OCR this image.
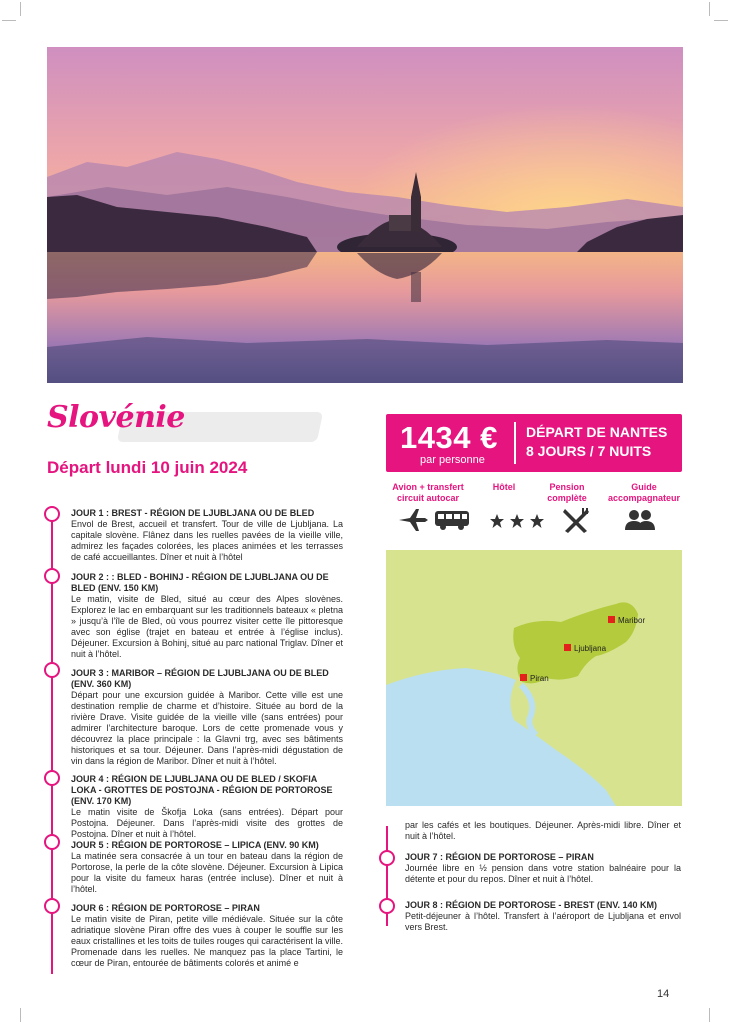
Slovénie
Départ lundi 10 juin 2024
1434 €
par personne
DÉPART DE NANTES
8 JOURS / 7 NUITS
Avion + transfert
circuit autocar
Hôtel	Pension
complète
Guide
accompagnateur
Maribor
Ljubljana
Piran
JOUR 1 : BREST - RÉGION DE LJUBLJANA OU DE BLED
Envol de Brest, accueil et transfert. Tour de ville de Ljubljana. La capitale slovène. Flânez dans les ruelles pavées de la vieille ville, admirez les façades colorées, les places animées et les terrasses de café accueillantes. Dîner et nuit à l’hôtel
JOUR 2 : : BLED - BOHINJ - RÉGION DE LJUBLJANA OU DE BLED (ENV. 150 KM)
Le matin, visite de Bled, situé au cœur des Alpes slovènes. Explorez le lac en embarquant sur les traditionnels bateaux « pletna » jusqu’à l’île de Bled, où vous pourrez visiter cette île pittoresque avec son église (trajet en bateau et entrée à l’église inclus). Déjeuner. Excursion à Bohinj, situé au parc national Triglav. Dîner et nuit à l’hôtel.
JOUR 3 : MARIBOR – RÉGION DE LJUBLJANA OU DE BLED (ENV. 360 KM)
Départ pour une excursion guidée à Maribor. Cette ville est une destination remplie de charme et d’histoire. Située au bord de la rivière Drave. Visite guidée de la vieille ville (sans entrées) pour admirer l’architecture baroque. Lors de cette promenade vous y découvrez la place principale : la Glavni trg, avec ses bâtiments historiques et sa tour. Déjeuner. Dans l’après-midi dégustation de vin dans la région de Maribor. Dîner et nuit à l’hôtel.
JOUR 4 : RÉGION DE LJUBLJANA OU DE BLED / SKOFIA LOKA - GROTTES DE POSTOJNA - RÉGION DE PORTOROSE (ENV. 170 KM)
Le matin visite de Škofja Loka (sans entrées). Départ pour Postojna. Déjeuner. Dans l’après-midi visite des grottes de Postojna. Dîner et nuit à l’hôtel.
JOUR 5 : RÉGION DE PORTOROSE – LIPICA (ENV. 90 KM)
La matinée sera consacrée à un tour en bateau dans la région de Portorose, la perle de la côte slovène. Déjeuner. Excursion à Lipica pour la visite du fameux haras (entrée incluse). Dîner et nuit à l’hôtel.
JOUR 6 : RÉGION DE PORTOROSE – PIRAN
Le matin visite de Piran, petite ville médiévale. Située sur la côte adriatique slovène Piran offre des vues à couper le souffle sur les eaux cristallines et les toits de tuiles rouges qui caractérisent la ville. Promenade dans les ruelles. Ne manquez pas la place Tartini, le cœur de Piran, entourée de bâtiments colorés et animé e
par les cafés et les boutiques. Déjeuner. Après-midi libre. Dîner et nuit à l’hôtel.
JOUR 7 : RÉGION DE PORTOROSE – PIRAN
Journée libre en ½ pension dans votre station balnéaire pour la détente et pour du repos. Dîner et nuit à l’hôtel.
JOUR 8 : RÉGION DE PORTOROSE - BREST (ENV. 140 KM)
Petit-déjeuner à l’hôtel. Transfert à l’aéroport de Ljubljana et envol vers Brest.
14
